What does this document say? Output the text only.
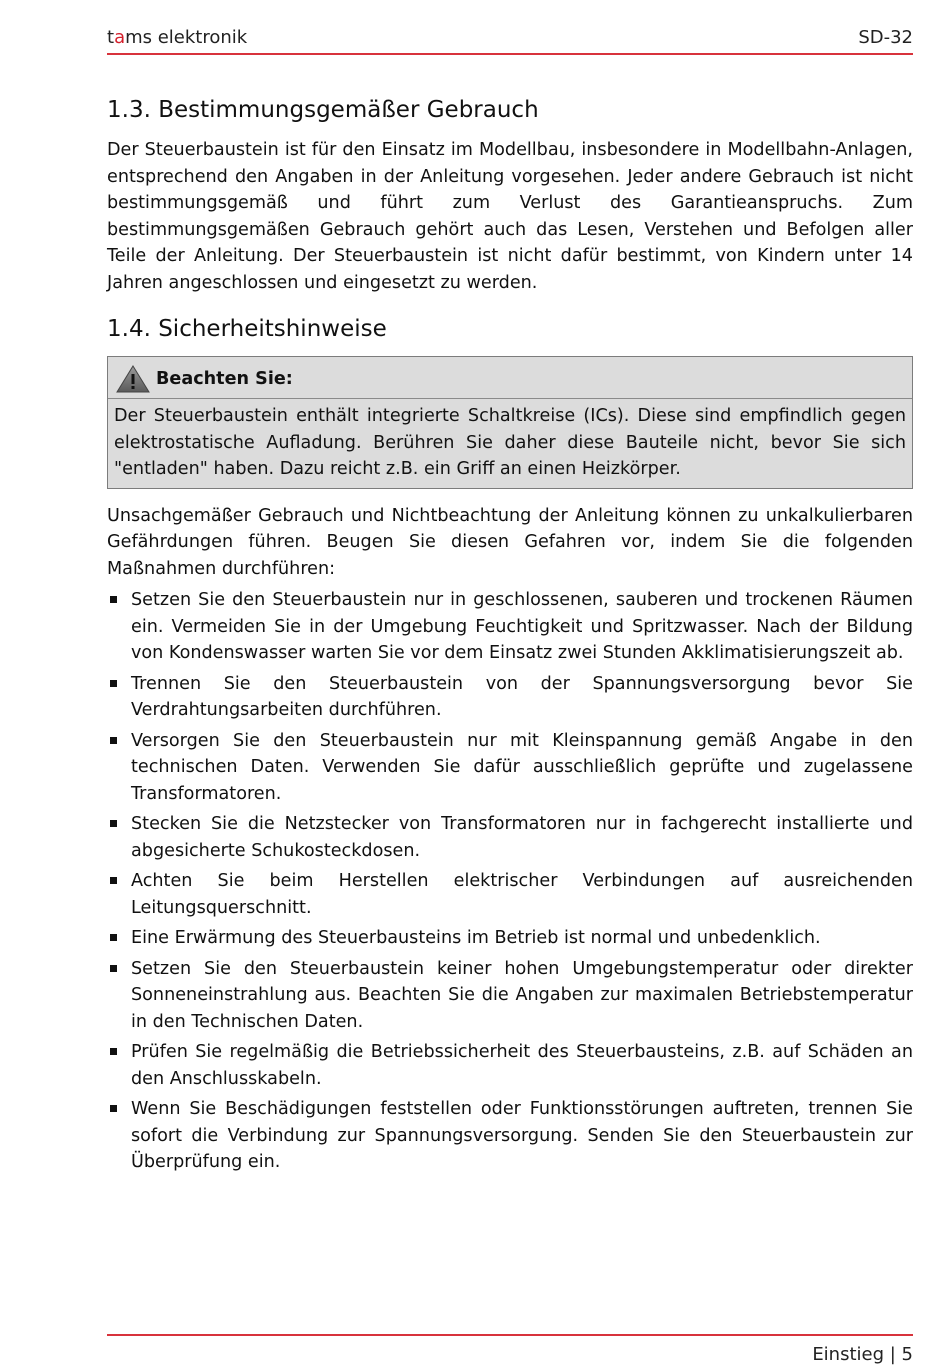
tams elektronik	SD-32
1.3. Bestimmungsgemäßer Gebrauch

Der Steuerbaustein ist für den Einsatz im Modellbau, insbesondere in Modellbahn-Anlagen, entsprechend den Angaben in der Anleitung vorgesehen. Jeder andere Gebrauch ist nicht bestimmungsgemäß und führt zum Verlust des Garantieanspruchs. Zum bestimmungsgemäßen Gebrauch gehört auch das Lesen, Verstehen und Befolgen aller Teile der Anleitung. Der Steuerbaustein ist nicht dafür bestimmt, von Kindern unter 14 Jahren angeschlossen und eingesetzt zu werden.

1.4. Sicherheitshinweise
Beachten Sie:

Der Steuerbaustein enthält integrierte Schaltkreise (ICs). Diese sind empfindlich gegen elektrostatische Aufladung. Berühren Sie daher diese Bauteile nicht, bevor Sie sich "entladen" haben. Dazu reicht z.B. ein Griff an einen Heizkörper.

Unsachgemäßer Gebrauch und Nichtbeachtung der Anleitung können zu unkalkulierbaren Gefährdungen führen. Beugen Sie diesen Gefahren vor, indem Sie die folgenden Maßnahmen durchführen:

Setzen Sie den Steuerbaustein nur in geschlossenen, sauberen und trockenen Räumen ein. Vermeiden Sie in der Umgebung Feuchtigkeit und Spritzwasser. Nach der Bildung von Kondenswasser warten Sie vor dem Einsatz zwei Stunden Akklimatisierungszeit ab.
Trennen Sie den Steuerbaustein von der Spannungsversorgung bevor Sie Verdrahtungsarbeiten durchführen.
Versorgen Sie den Steuerbaustein nur mit Kleinspannung gemäß Angabe in den technischen Daten. Verwenden Sie dafür ausschließlich geprüfte und zugelassene Transformatoren.
Stecken Sie die Netzstecker von Transformatoren nur in fachgerecht installierte und abgesicherte Schukosteckdosen.
Achten Sie beim Herstellen elektrischer Verbindungen auf ausreichenden Leitungsquerschnitt.
Eine Erwärmung des Steuerbausteins im Betrieb ist normal und unbedenklich.
Setzen Sie den Steuerbaustein keiner hohen Umgebungstemperatur oder direkter Sonneneinstrahlung aus. Beachten Sie die Angaben zur maximalen Betriebstemperatur in den Technischen Daten.
Prüfen Sie regelmäßig die Betriebssicherheit des Steuerbausteins, z.B. auf Schäden an den Anschlusskabeln.
Wenn Sie Beschädigungen feststellen oder Funktionsstörungen auftreten, trennen Sie sofort die Verbindung zur Spannungsversorgung. Senden Sie den Steuerbaustein zur Überprüfung ein.
Einstieg | 5
